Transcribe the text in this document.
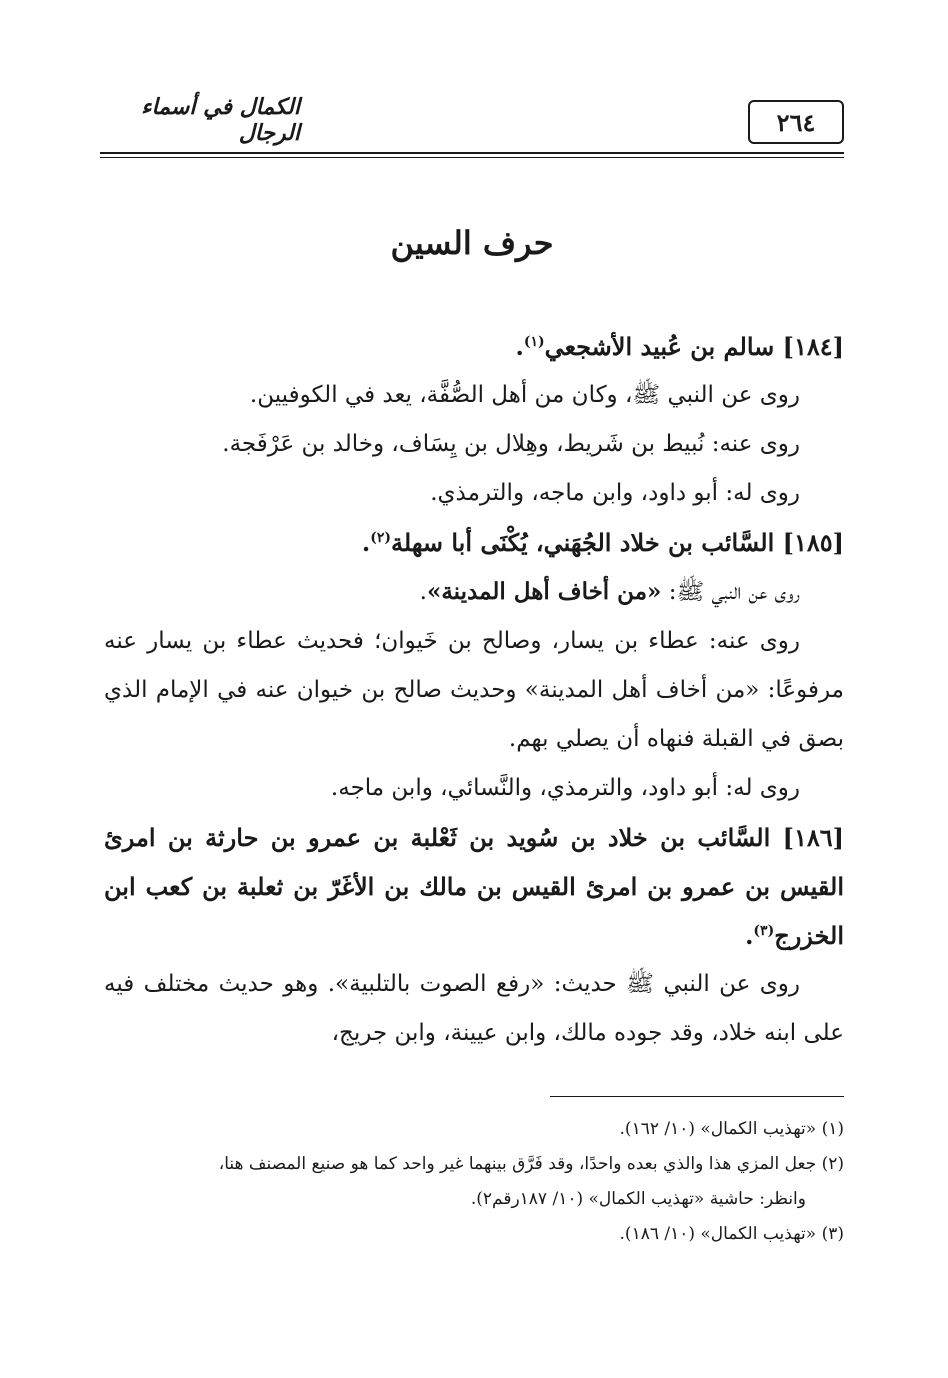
٢٦٤
الكمال في أسماء الرجال
حرف السين

[١٨٤] سالم بن عُبيد الأشجعي$^{(١)}$.

روى عن النبي ﷺ، وكان من أهل الصُّفَّة، يعد في الكوفيين.

روى عنه: نُبيط بن شَريط، وهِلال بن يِسَاف، وخالد بن عَرْفَجة.

روى له: أبو داود، وابن ماجه، والترمذي.

[١٨٥] السَّائب بن خلاد الجُهَني، يُكْنَى أبا سهلة$^{(٢)}$.

روى عن النبي ﷺ: «من أخاف أهل المدينة».

روى عنه: عطاء بن يسار، وصالح بن خَيوان؛ فحديث عطاء بن يسار عنه مرفوعًا: «من أخاف أهل المدينة» وحديث صالح بن خيوان عنه في الإمام الذي بصق في القبلة فنهاه أن يصلي بهم.

روى له: أبو داود، والترمذي، والنَّسائي، وابن ماجه.

[١٨٦] السَّائب بن خلاد بن سُويد بن ثَعْلبة بن عمرو بن حارثة بن امرئ القيس بن عمرو بن امرئ القيس بن مالك بن الأغَرّ بن ثعلبة بن كعب ابن الخزرج$^{(٣)}$.

روى عن النبي ﷺ حديث: «رفع الصوت بالتلبية». وهو حديث مختلف فيه على ابنه خلاد، وقد جوده مالك، وابن عيينة، وابن جريج،

(١) «تهذيب الكمال» (١٠/ ١٦٢).

(٢) جعل المزي هذا والذي بعده واحدًا، وقد فَرَّق بينهما غير واحد كما هو صنيع المصنف هنا،

وانظر: حاشية «تهذيب الكمال» (١٠/ ١٨٧رقم٢).

(٣) «تهذيب الكمال» (١٠/ ١٨٦).
